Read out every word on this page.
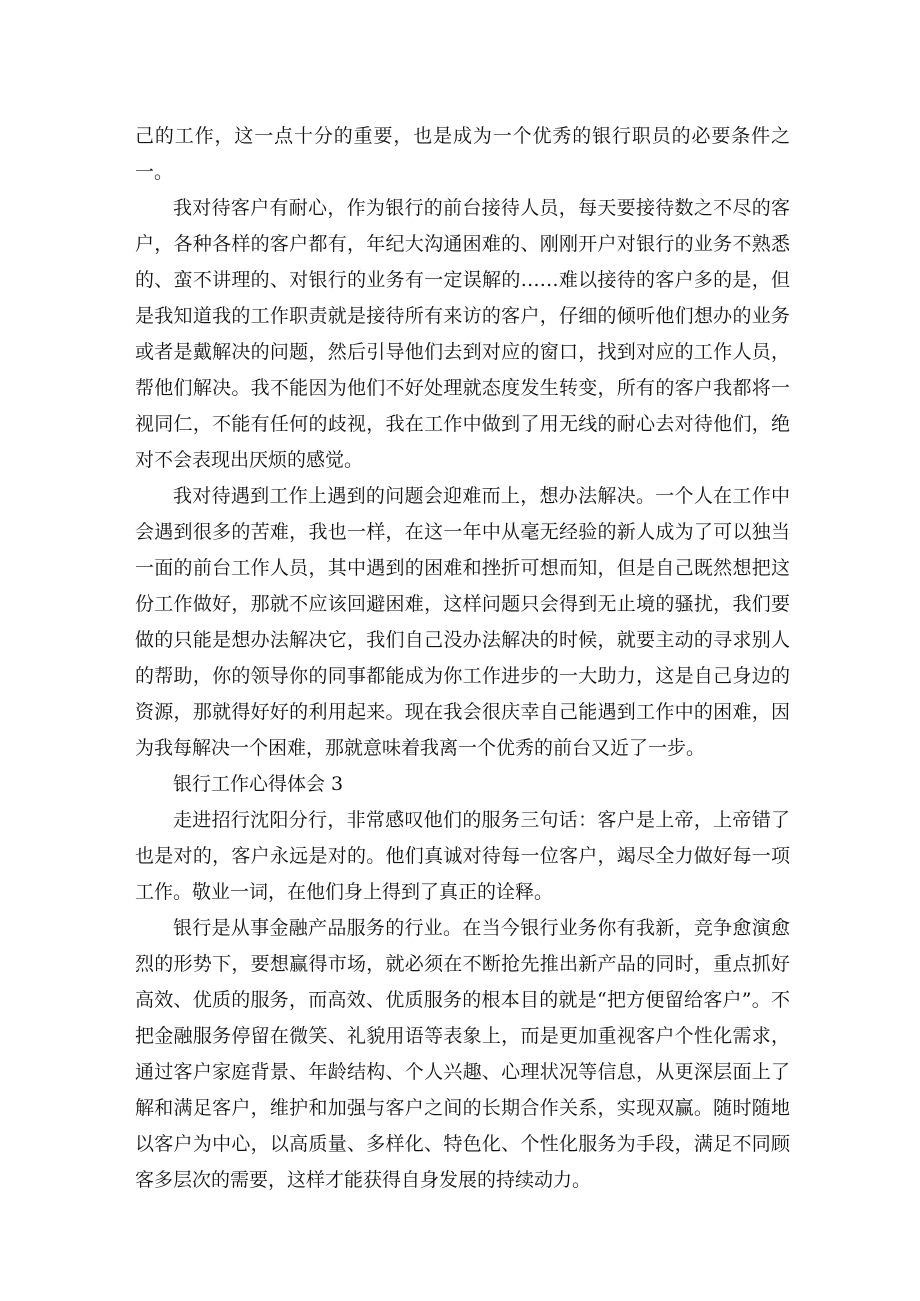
己的工作，这一点十分的重要，也是成为一个优秀的银行职员的必要条件之一。

我对待客户有耐心，作为银行的前台接待人员，每天要接待数之不尽的客户，各种各样的客户都有，年纪大沟通困难的、刚刚开户对银行的业务不熟悉的、蛮不讲理的、对银行的业务有一定误解的……难以接待的客户多的是，但是我知道我的工作职责就是接待所有来访的客户，仔细的倾听他们想办的业务或者是戴解决的问题，然后引导他们去到对应的窗口，找到对应的工作人员，帮他们解决。我不能因为他们不好处理就态度发生转变，所有的客户我都将一视同仁，不能有任何的歧视，我在工作中做到了用无线的耐心去对待他们，绝对不会表现出厌烦的感觉。

我对待遇到工作上遇到的问题会迎难而上，想办法解决。一个人在工作中会遇到很多的苦难，我也一样，在这一年中从毫无经验的新人成为了可以独当一面的前台工作人员，其中遇到的困难和挫折可想而知，但是自己既然想把这份工作做好，那就不应该回避困难，这样问题只会得到无止境的骚扰，我们要做的只能是想办法解决它，我们自己没办法解决的时候，就要主动的寻求别人的帮助，你的领导你的同事都能成为你工作进步的一大助力，这是自己身边的资源，那就得好好的利用起来。现在我会很庆幸自己能遇到工作中的困难，因为我每解决一个困难，那就意味着我离一个优秀的前台又近了一步。

银行工作心得体会 3

走进招行沈阳分行，非常感叹他们的服务三句话：客户是上帝，上帝错了也是对的，客户永远是对的。他们真诚对待每一位客户，竭尽全力做好每一项工作。敬业一词，在他们身上得到了真正的诠释。

银行是从事金融产品服务的行业。在当今银行业务你有我新，竞争愈演愈烈的形势下，要想赢得市场，就必须在不断抢先推出新产品的同时，重点抓好高效、优质的服务，而高效、优质服务的根本目的就是“把方便留给客户”。不把金融服务停留在微笑、礼貌用语等表象上，而是更加重视客户个性化需求，通过客户家庭背景、年龄结构、个人兴趣、心理状况等信息，从更深层面上了解和满足客户，维护和加强与客户之间的长期合作关系，实现双赢。随时随地以客户为中心，以高质量、多样化、特色化、个性化服务为手段，满足不同顾客多层次的需要，这样才能获得自身发展的持续动力。
